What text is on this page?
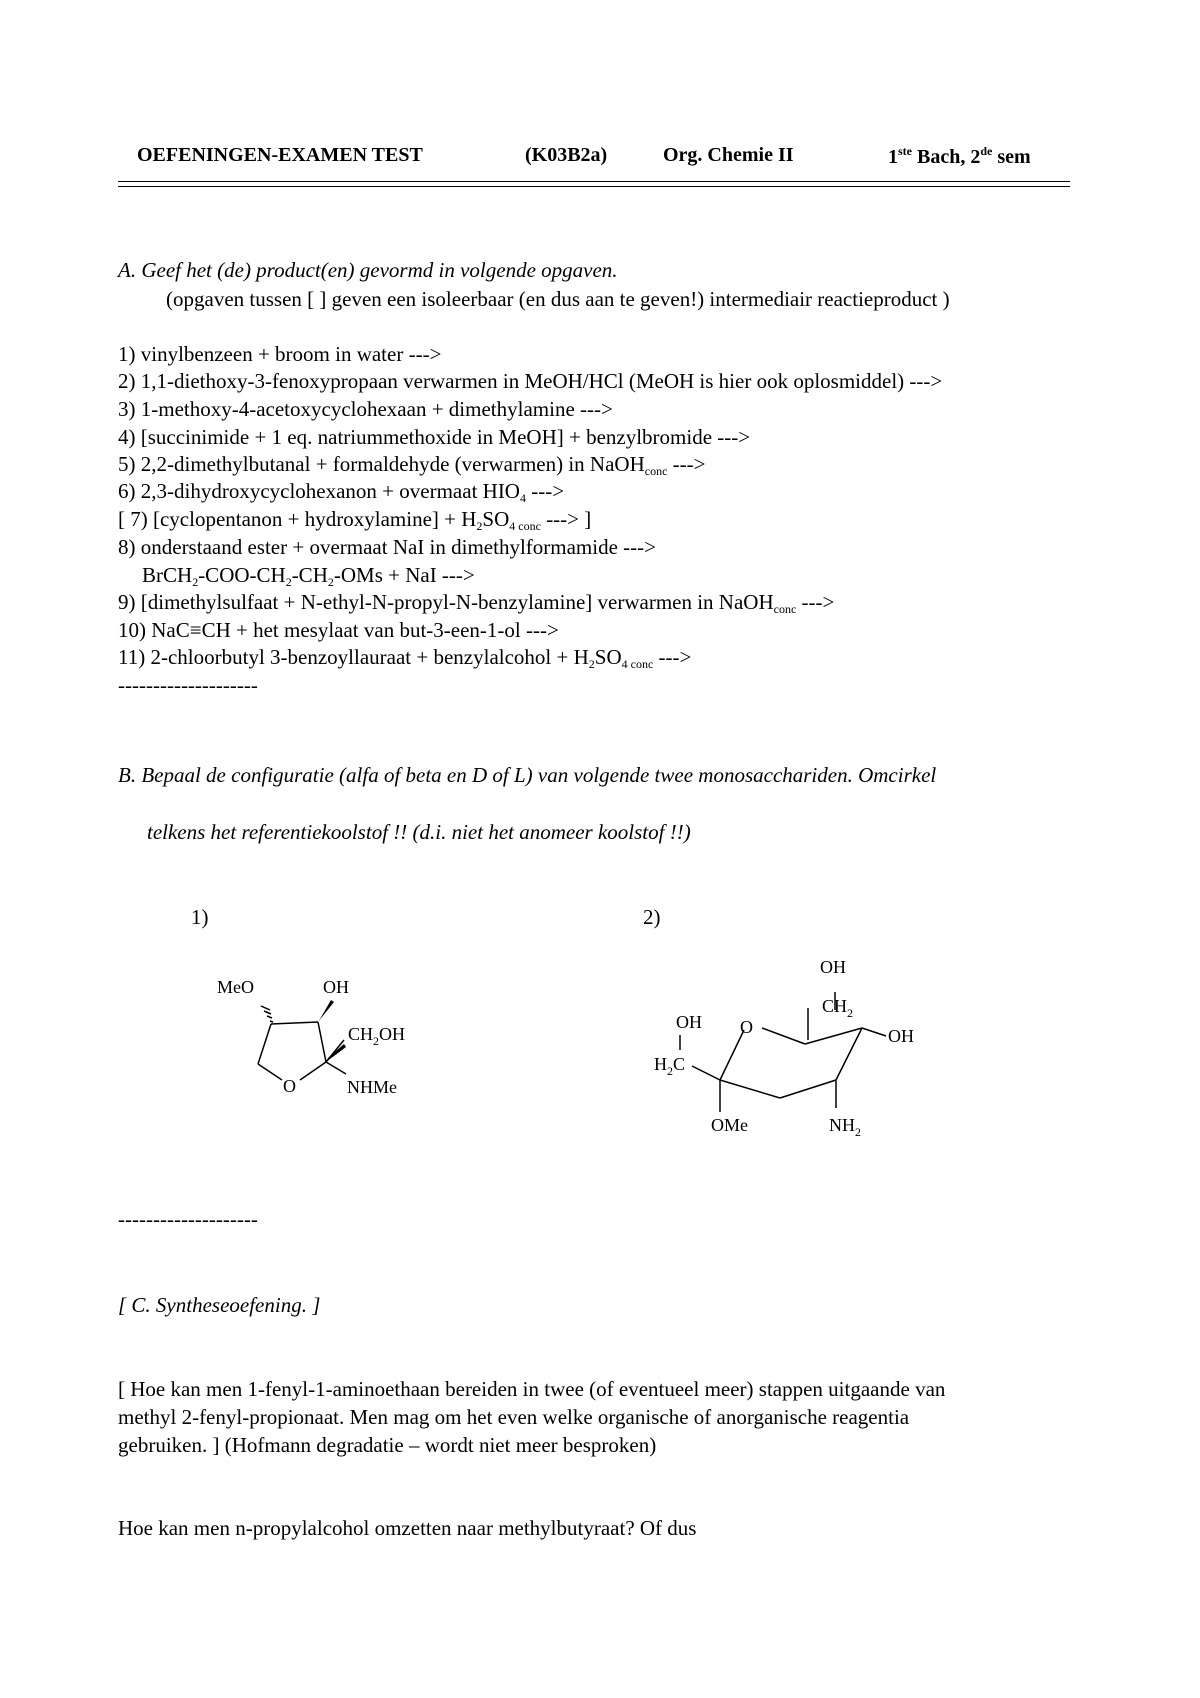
OEFENINGEN-EXAMEN TEST	(K03B2a)	Org. Chemie II	1ste Bach, 2de sem
A. Geef het (de) product(en) gevormd in volgende opgaven.
(opgaven tussen [ ] geven een isoleerbaar (en dus aan te geven!) intermediair reactieproduct )
1) vinylbenzeen + broom in water --->
2) 1,1-diethoxy-3-fenoxypropaan verwarmen in MeOH/HCl (MeOH is hier ook oplosmiddel) --->
3) 1-methoxy-4-acetoxycyclohexaan + dimethylamine --->
4) [succinimide + 1 eq. natriummethoxide in MeOH] + benzylbromide --->
5) 2,2-dimethylbutanal + formaldehyde (verwarmen) in NaOH$_{conc}$ --->
6) 2,3-dihydroxycyclohexanon + overmaat $HIO_4$ --->
[ 7) [cyclopentanon + hydroxylamine] + $H_2SO_{4 conc}$ ---> ]
8) onderstaand ester + overmaat NaI in dimethylformamide --->
$BrCH_2-COO-CH_2-CH_2$-OMs + NaI --->
9) [dimethylsulfaat + N-ethyl-N-propyl-N-benzylamine] verwarmen in NaOH$_{conc}$ --->
10) NaC≡CH + het mesylaat van but-3-een-1-ol --->
11) 2-chloorbutyl 3-benzoyllauraat + benzylalcohol + $H_2SO_{4 conc}$ --->
--------------------
B. Bepaal de configuratie (alfa of beta en D of L) van volgende twee monosacchariden. Omcirkel
telkens het referentiekoolstof !! (d.i. niet het anomeer koolstof !!)
1)	2)
MeO	OH
$CH_2OH$
O	NHMe
OH
$CH_2$
OH
O
OH
$H_2C$
OMe	$NH_2$
--------------------
[ C. Syntheseoefening. ]
[ Hoe kan men 1-fenyl-1-aminoethaan bereiden in twee (of eventueel meer) stappen uitgaande van
methyl 2-fenyl-propionaat. Men mag om het even welke organische of anorganische reagentia
gebruiken. ] (Hofmann degradatie – wordt niet meer besproken)
Hoe kan men n-propylalcohol omzetten naar methylbutyraat? Of dus
